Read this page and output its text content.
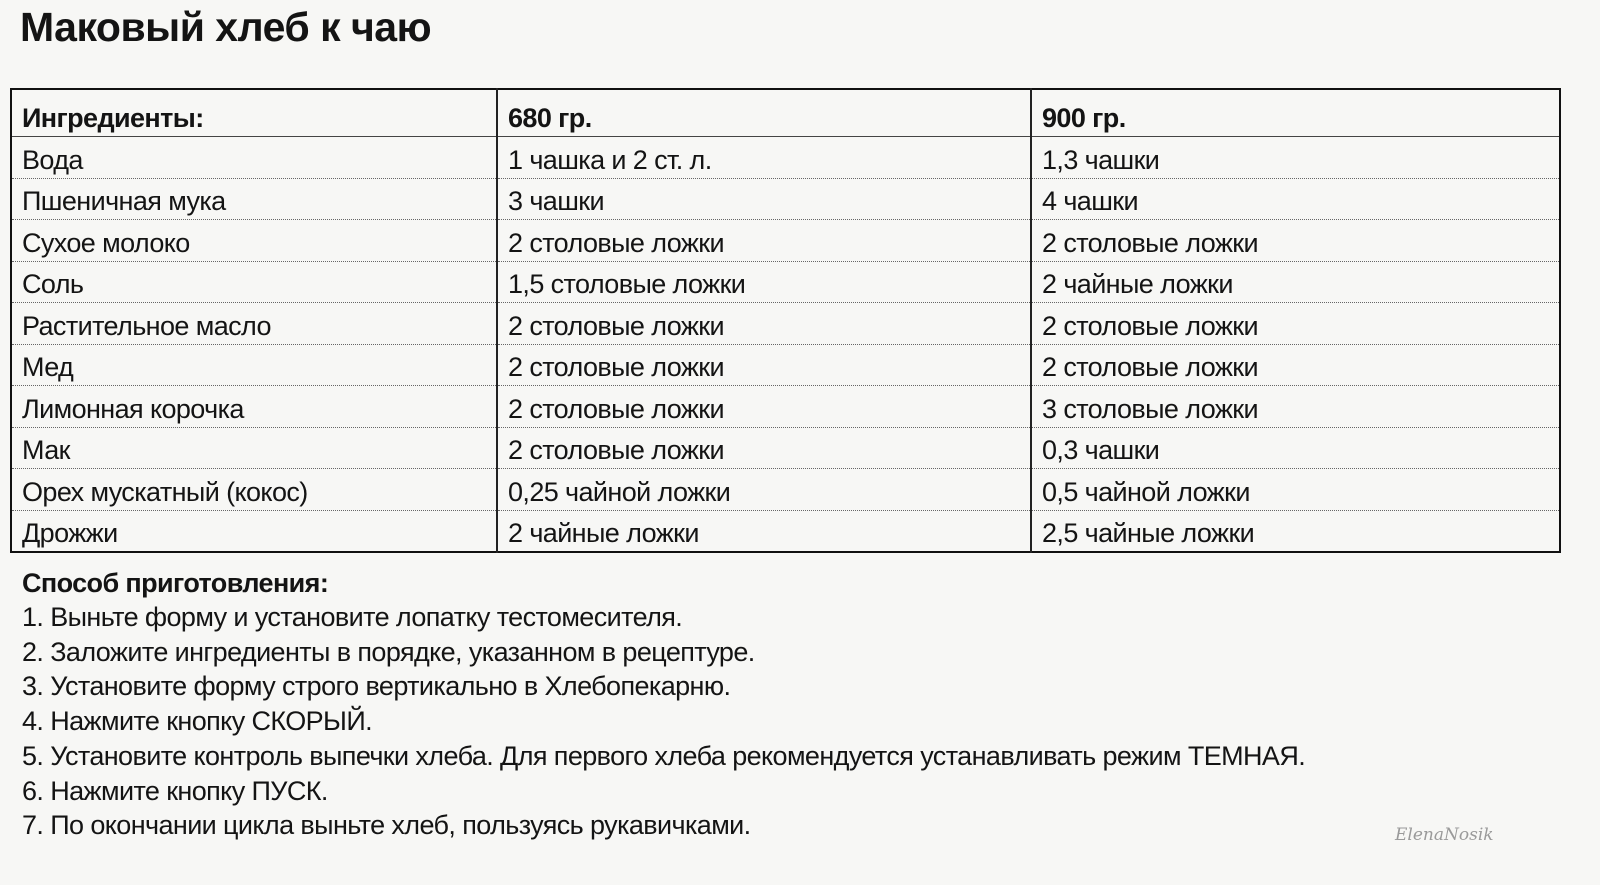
Маковый хлеб к чаю
Ингредиенты:	680 гр.	900 гр.
Вода	1 чашка и 2 ст. л.	1,3 чашки
Пшеничная мука	3 чашки	4 чашки
Сухое молоко	2 столовые ложки	2 столовые ложки
Соль	1,5 столовые ложки	2 чайные ложки
Растительное масло	2 столовые ложки	2 столовые ложки
Мед	2 столовые ложки	2 столовые ложки
Лимонная корочка	2 столовые ложки	3 столовые ложки
Мак	2 столовые ложки	0,3 чашки
Орех мускатный (кокос)	0,25 чайной ложки	0,5 чайной ложки
Дрожжи	2 чайные ложки	2,5 чайные ложки
Способ приготовления:
1. Выньте форму и установите лопатку тестомесителя.
2. Заложите ингредиенты в порядке, указанном в рецептуре.
3. Установите форму строго вертикально в Хлебопекарню.
4. Нажмите кнопку СКОРЫЙ.
5. Установите контроль выпечки хлеба. Для первого хлеба рекомендуется устанавливать режим ТЕМНАЯ.
6. Нажмите кнопку ПУСК.
7. По окончании цикла выньте хлеб, пользуясь рукавичками.	ElenaNosik
